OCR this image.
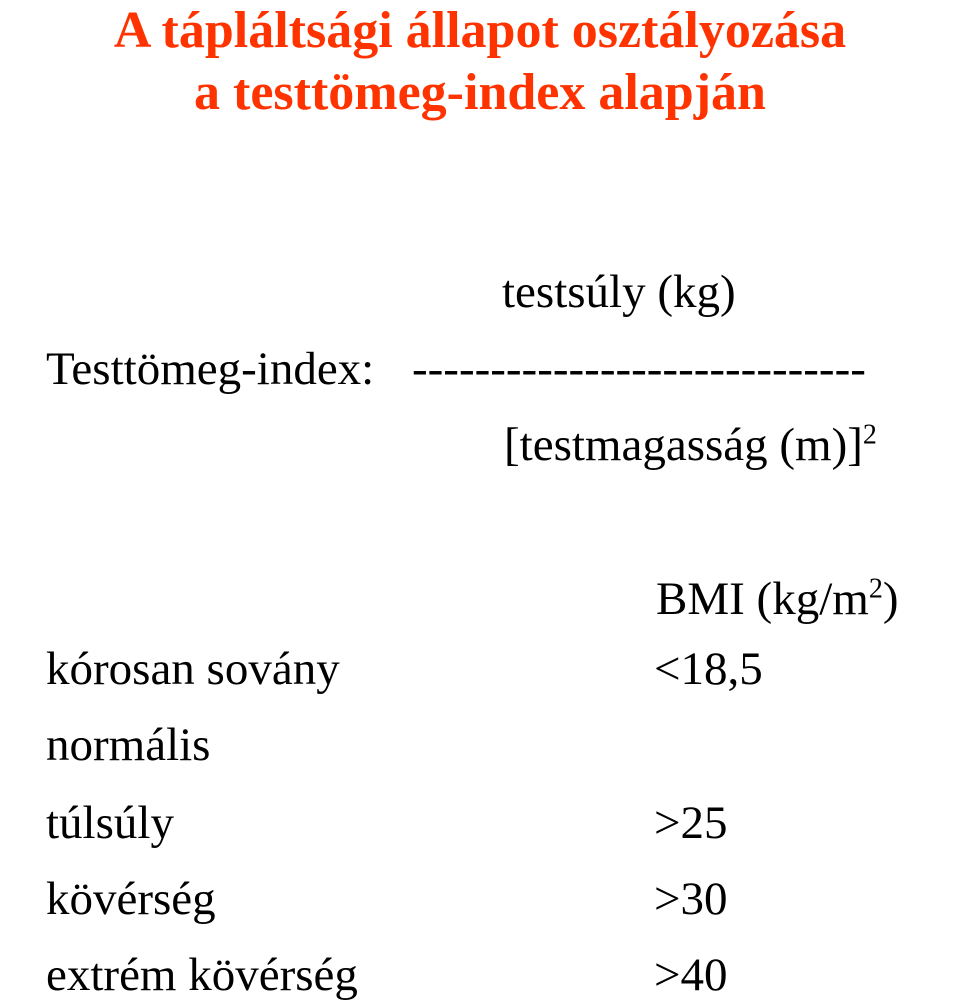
A tápláltsági állapot osztályozása
a testtömeg-index alapján
testsúly (kg)
Testtömeg-index: -----------------------------
[testmagasság (m)]$^2$
BMI $(kg/m^2)$
kórosan sovány	<18,5
normális
túlsúly	>25
kövérség	>30
extrém kövérség	>40
